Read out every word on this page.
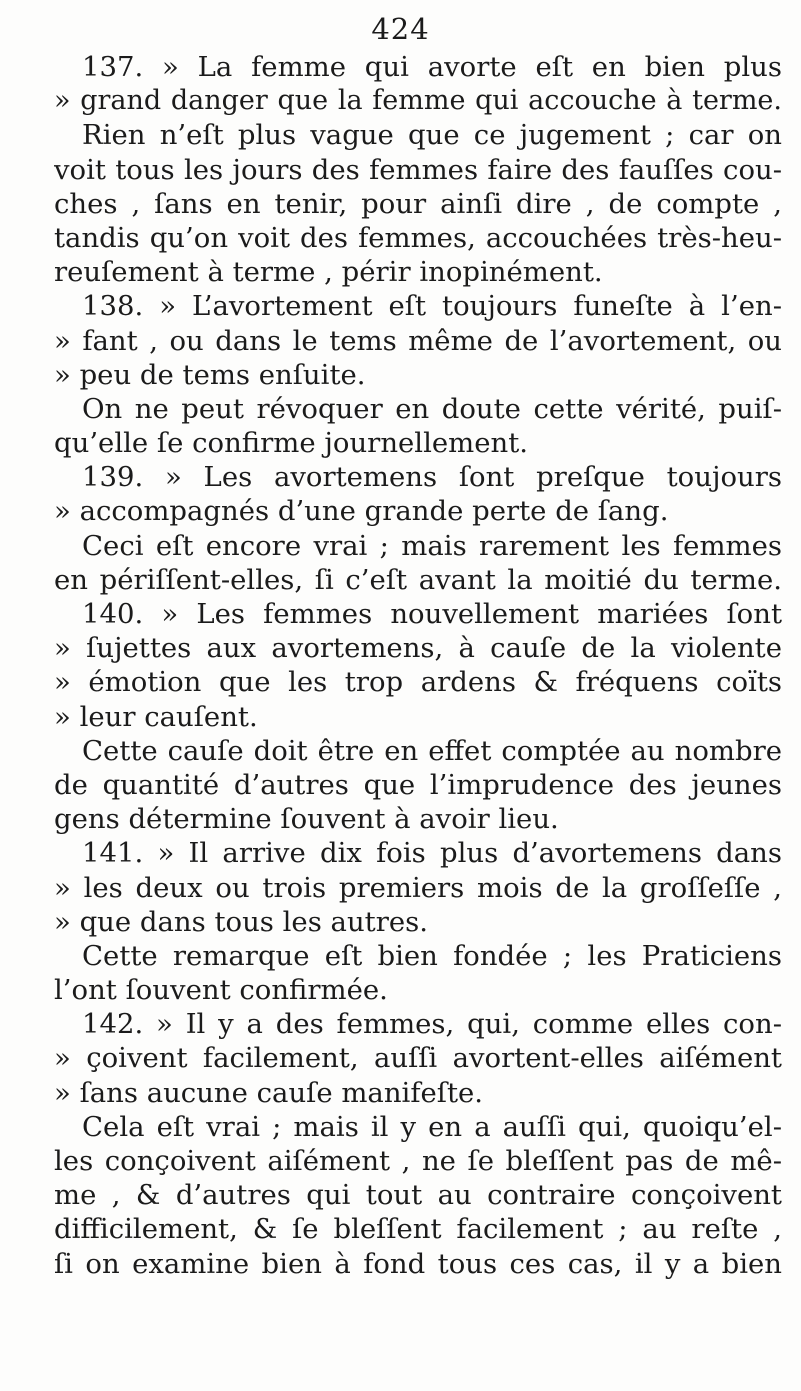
424
137. » La femme qui avorte eſt en bien plus
» grand danger que la femme qui accouche à terme.
Rien n’eſt plus vague que ce jugement ; car on
voit tous les jours des femmes faire des fauſſes cou-
ches , ſans en tenir, pour ainſi dire , de compte ,
tandis qu’on voit des femmes, accouchées très-heu-
reuſement à terme , périr inopinément.
138. » L’avortement eſt toujours funeſte à l’en-
» fant , ou dans le tems même de l’avortement, ou
» peu de tems enſuite.
On ne peut révoquer en doute cette vérité, puiſ-
qu’elle ſe confirme journellement.
139. » Les avortemens ſont preſque toujours
» accompagnés d’une grande perte de ſang.
Ceci eſt encore vrai ; mais rarement les femmes
en périſſent-elles, ſi c’eſt avant la moitié du terme.
140. » Les femmes nouvellement mariées ſont
» ſujettes aux avortemens, à cauſe de la violente
» émotion que les trop ardens & fréquens coïts
» leur cauſent.
Cette cauſe doit être en effet comptée au nombre
de quantité d’autres que l’imprudence des jeunes
gens détermine ſouvent à avoir lieu.
141. » Il arrive dix fois plus d’avortemens dans
» les deux ou trois premiers mois de la groſſeſſe ,
» que dans tous les autres.
Cette remarque eſt bien fondée ; les Praticiens
l’ont ſouvent confirmée.
142. » Il y a des femmes, qui, comme elles con-
» çoivent facilement, auſſi avortent-elles aiſément
» ſans aucune cauſe manifeſte.
Cela eſt vrai ; mais il y en a auſſi qui, quoiqu’el-
les conçoivent aiſément , ne ſe bleſſent pas de mê-
me , & d’autres qui tout au contraire conçoivent
difficilement, & ſe bleſſent facilement ; au reſte ,
ſi on examine bien à fond tous ces cas, il y a bien
